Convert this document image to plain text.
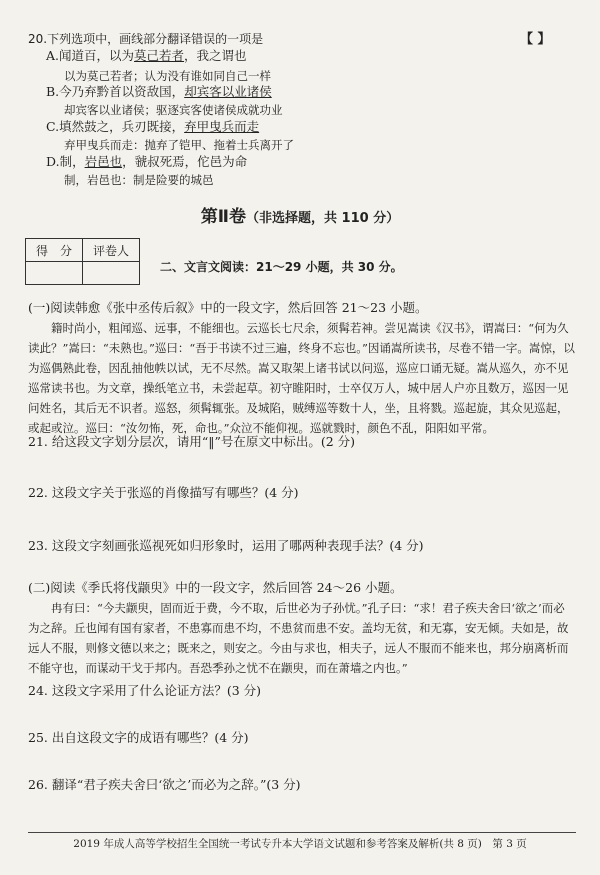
20.下列选项中，画线部分翻译错误的一项是	【 】
A.闻道百，以为莫己若者，我之谓也
以为莫己若者；认为没有谁如同自己一样
B.今乃弃黔首以资敌国，却宾客以业诸侯
却宾客以业诸侯；驱逐宾客使诸侯成就功业
C.填然鼓之，兵刃既接，弃甲曳兵而走
弃甲曳兵而走：抛弃了铠甲、拖着士兵离开了
D.制，岩邑也，虢叔死焉，佗邑为命
制，岩邑也：制是险要的城邑
第Ⅱ卷（非选择题，共 110 分）
得　分	评卷人

二、文言文阅读：21～29 小题，共 30 分。
(一)阅读韩愈《张中丞传后叙》中的一段文字，然后回答 21～23 小题。
　　籍时尚小，粗闻巡、远事，不能细也。云巡长七尺余，须髯若神。尝见嵩读《汉书》，谓嵩曰：“何为久读此？”嵩曰：“未熟也。”巡曰：“吾于书读不过三遍，终身不忘也。”因诵嵩所读书，尽卷不错一字。嵩惊，以为巡偶熟此卷，因乱抽他帙以试，无不尽然。嵩又取架上诸书试以问巡，巡应口诵无疑。嵩从巡久，亦不见巡常读书也。为文章，操纸笔立书，未尝起草。初守睢阳时，士卒仅万人，城中居人户亦且数万，巡因一见问姓名，其后无不识者。巡怒，须髯辄张。及城陷，贼缚巡等数十人，坐，且将戮。巡起旋，其众见巡起，或起或泣。巡曰：“汝勿怖，死，命也。”众泣不能仰视。巡就戮时，颜色不乱，阳阳如平常。
21. 给这段文字划分层次，请用“‖”号在原文中标出。(2 分)
22. 这段文字关于张巡的肖像描写有哪些？(4 分)
23. 这段文字刻画张巡视死如归形象时，运用了哪两种表现手法？(4 分)
(二)阅读《季氏将伐颛臾》中的一段文字，然后回答 24～26 小题。
　　冉有曰：“今夫颛臾，固而近于费，今不取，后世必为子孙忧。”孔子曰：“求！君子疾夫舍曰‘欲之’而必为之辞。丘也闻有国有家者，不患寡而患不均，不患贫而患不安。盖均无贫，和无寡，安无倾。夫如是，故远人不服，则修文德以来之；既来之，则安之。今由与求也，相夫子，远人不服而不能来也，邦分崩离析而不能守也，而谋动干戈于邦内。吾恐季孙之忧不在颛臾，而在萧墙之内也。”
24. 这段文字采用了什么论证方法？(3 分)
25. 出自这段文字的成语有哪些？(4 分)
26. 翻译“君子疾夫舍曰‘欲之’而必为之辞。”(3 分)
2019 年成人高等学校招生全国统一考试专升本大学语文试题和参考答案及解析(共 8 页)　第 3 页
